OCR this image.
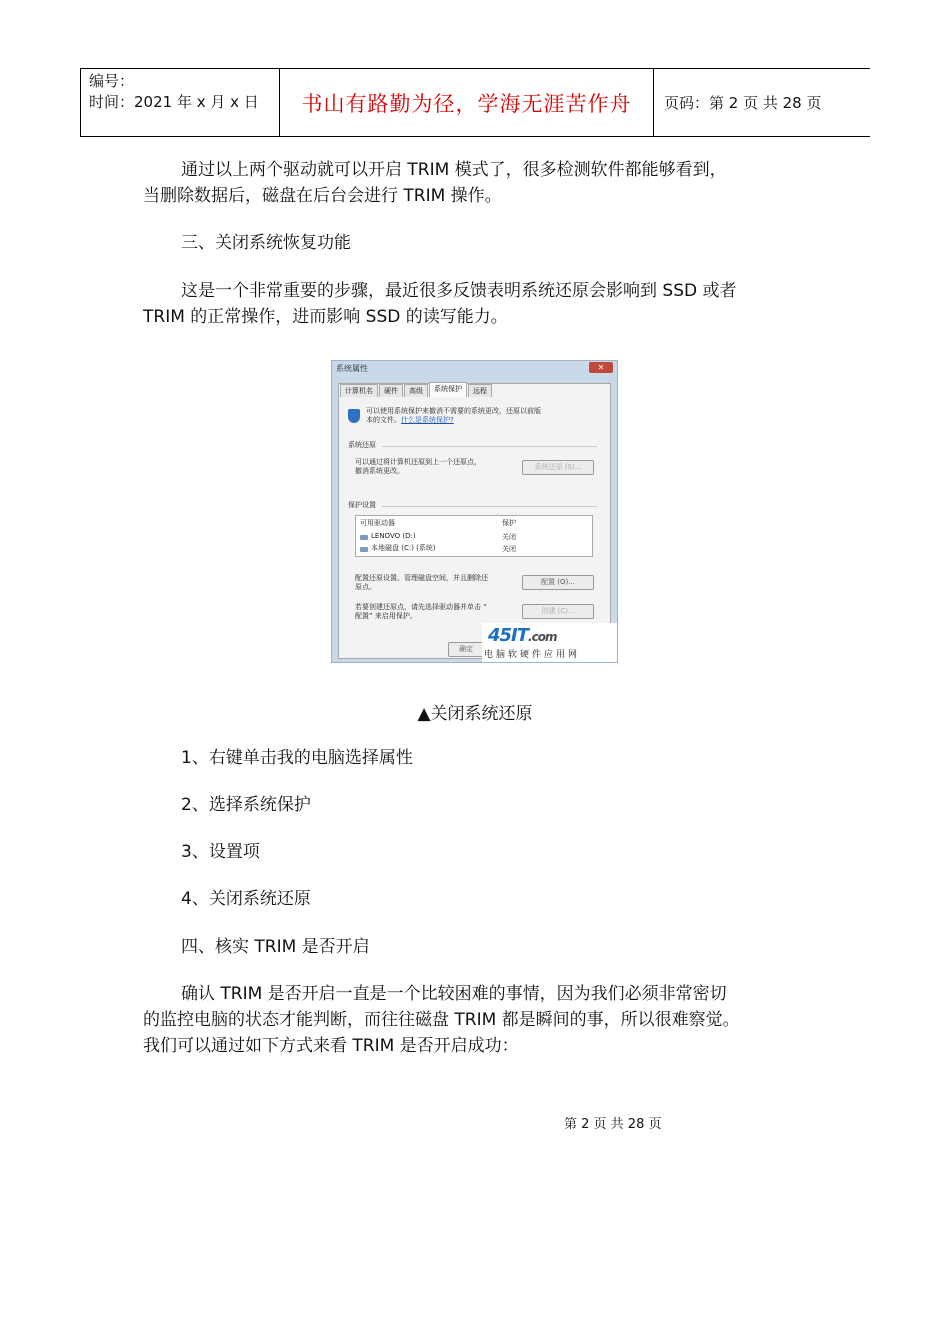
编号：
时间：2021 年 x 月 x 日	书山有路勤为径，学海无涯苦作舟	页码：第 2 页 共 28 页
通过以上两个驱动就可以开启 TRIM 模式了，很多检测软件都能够看到，
当删除数据后，磁盘在后台会进行 TRIM 操作。
三、关闭系统恢复功能
这是一个非常重要的步骤，最近很多反馈表明系统还原会影响到 SSD 或者
TRIM 的正常操作，进而影响 SSD 的读写能力。
系统属性	✕
计算机名	硬件	高级	系统保护	远程
可以使用系统保护来撤消不需要的系统更改，还原以前版
本的文件。什么是系统保护?
系统还原
可以通过将计算机还原到上一个还原点，
撤消系统更改。	系统还原 (S)...
保护设置
可用驱动器	保护
LENOVO (D:)	关闭
本地磁盘 (C:) (系统)	关闭
配置还原设置、管理磁盘空间，并且删除还
原点。
配置 (O)...
若要创建还原点，请先选择驱动器并单击 “
配置” 来启用保护。
创建 (C)...
确定
45IT.com
电脑软硬件应用网
▲关闭系统还原
1、右键单击我的电脑选择属性
2、选择系统保护
3、设置项
4、关闭系统还原
四、核实 TRIM 是否开启
确认 TRIM 是否开启一直是一个比较困难的事情，因为我们必须非常密切
的监控电脑的状态才能判断，而往往磁盘 TRIM 都是瞬间的事，所以很难察觉。
我们可以通过如下方式来看 TRIM 是否开启成功：
第 2 页 共 28 页
